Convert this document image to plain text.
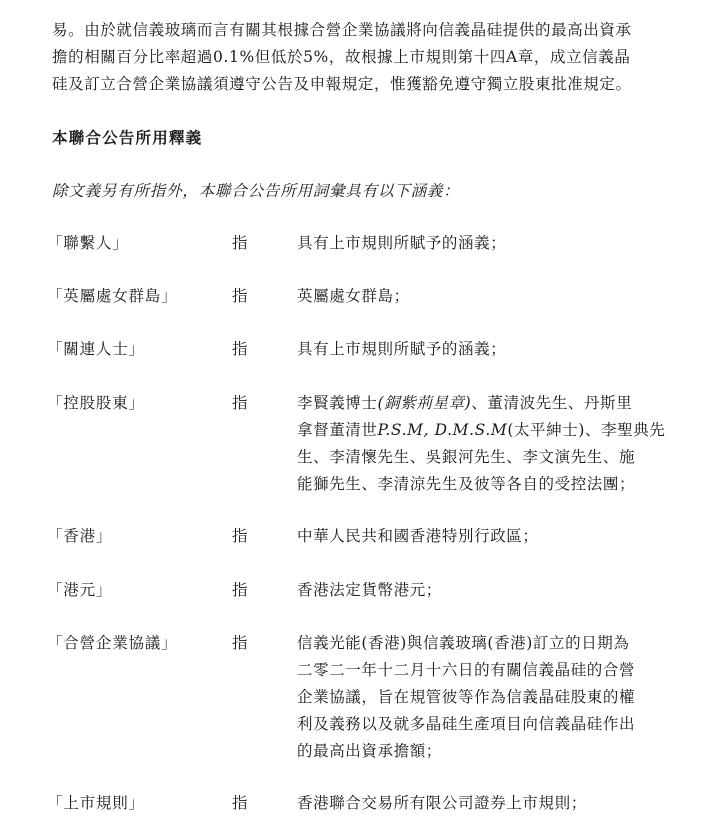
易。由於就信義玻璃而言有關其根據合營企業協議將向信義晶硅提供的最高出資承
擔的相關百分比率超過0.1%但低於5%，故根據上市規則第十四A章，成立信義晶
硅及訂立合營企業協議須遵守公告及申報規定，惟獲豁免遵守獨立股東批准規定。
本聯合公告所用釋義
除文義另有所指外，本聯合公告所用詞彙具有以下涵義：
「聯繫人」	指	具有上市規則所賦予的涵義；
「英屬處女群島」	指	英屬處女群島；
「關連人士」	指	具有上市規則所賦予的涵義；
「控股股東」	指	李賢義博士(銅紫荊星章)、董清波先生、丹斯里
拿督董清世P.S.M, D.M.S.M(太平紳士)、李聖典先
生、李清懷先生、吳銀河先生、李文演先生、施
能獅先生、李清涼先生及彼等各自的受控法團；
「香港」	指	中華人民共和國香港特別行政區；
「港元」	指	香港法定貨幣港元；
「合營企業協議」	指	信義光能(香港)與信義玻璃(香港)訂立的日期為
二零二一年十二月十六日的有關信義晶硅的合營
企業協議，旨在規管彼等作為信義晶硅股東的權
利及義務以及就多晶硅生產項目向信義晶硅作出
的最高出資承擔額；
「上市規則」	指	香港聯合交易所有限公司證券上市規則；
